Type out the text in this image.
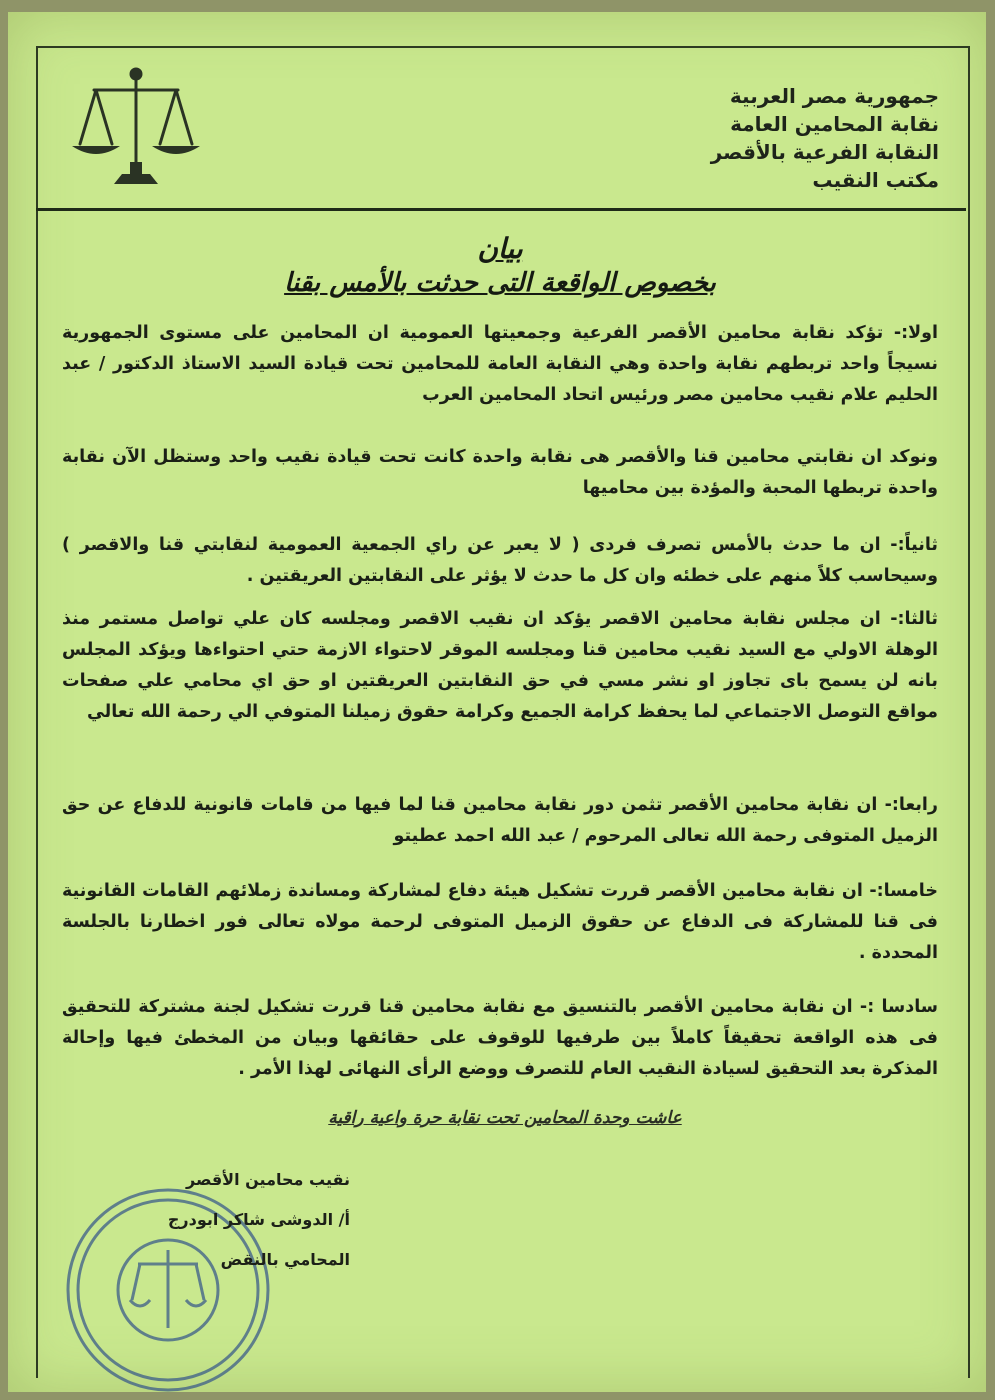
جمهورية مصر العربية
نقابة المحامين العامة
النقابة الفرعية بالأقصر
مكتب النقيب
بيان
بخصوص الواقعة التى حدثت بالأمس بقنا
اولا:- تؤكد نقابة محامين الأقصر الفرعية وجمعيتها العمومية ان المحامين على مستوى الجمهورية نسيجاً واحد تربطهم نقابة واحدة وهي النقابة العامة للمحامين تحت قيادة السيد الاستاذ الدكتور / عبد الحليم علام نقيب محامين مصر ورئيس اتحاد المحامين العرب
ونوكد ان نقابتي محامين قنا والأقصر هى نقابة واحدة كانت تحت قيادة نقيب واحد وستظل الآن نقابة واحدة تربطها المحبة والمؤدة بين محاميها
ثانياً:- ان ما حدث بالأمس تصرف فردى ( لا يعبر عن راي الجمعية العمومية لنقابتي قنا والاقصر ) وسيحاسب كلاً منهم على خطئه وان كل ما حدث لا يؤثر على النقابتين العريقتين .
ثالثا:- ان مجلس نقابة محامين الاقصر يؤكد ان نقيب الاقصر ومجلسه كان علي تواصل مستمر منذ الوهلة الاولي مع السيد نقيب محامين قنا ومجلسه الموقر لاحتواء الازمة حتي احتواءها ويؤكد المجلس بانه لن يسمح باى تجاوز او نشر مسي في حق النقابتين العريقتين او حق اي محامي علي صفحات مواقع التوصل الاجتماعي لما يحفظ كرامة الجميع وكرامة حقوق زميلنا المتوفي الي رحمة الله تعالي
رابعا:- ان نقابة محامين الأقصر تثمن دور نقابة محامين قنا لما فيها من قامات قانونية للدفاع عن حق الزميل المتوفى رحمة الله تعالى المرحوم / عبد الله احمد عطيتو
خامسا:- ان نقابة محامين الأقصر قررت تشكيل هيئة دفاع لمشاركة ومساندة زملائهم القامات القانونية فى قنا للمشاركة فى الدفاع عن حقوق الزميل المتوفى لرحمة مولاه تعالى فور اخطارنا بالجلسة المحددة .
سادسا :- ان نقابة محامين الأقصر بالتنسيق مع نقابة محامين قنا قررت تشكيل لجنة مشتركة للتحقيق فى هذه الواقعة تحقيقاً كاملاً بين طرفيها للوقوف على حقائقها وبيان من المخطئ فيها وإحالة المذكرة بعد التحقيق لسيادة النقيب العام للتصرف ووضع الرأى النهائى لهذا الأمر .
عاشت وحدة المحامين تحت نقابة حرة واعية راقية
نقيب محامين الأقصر
أ/ الدوشى شاكر ابودرج
المحامي بالنقض
